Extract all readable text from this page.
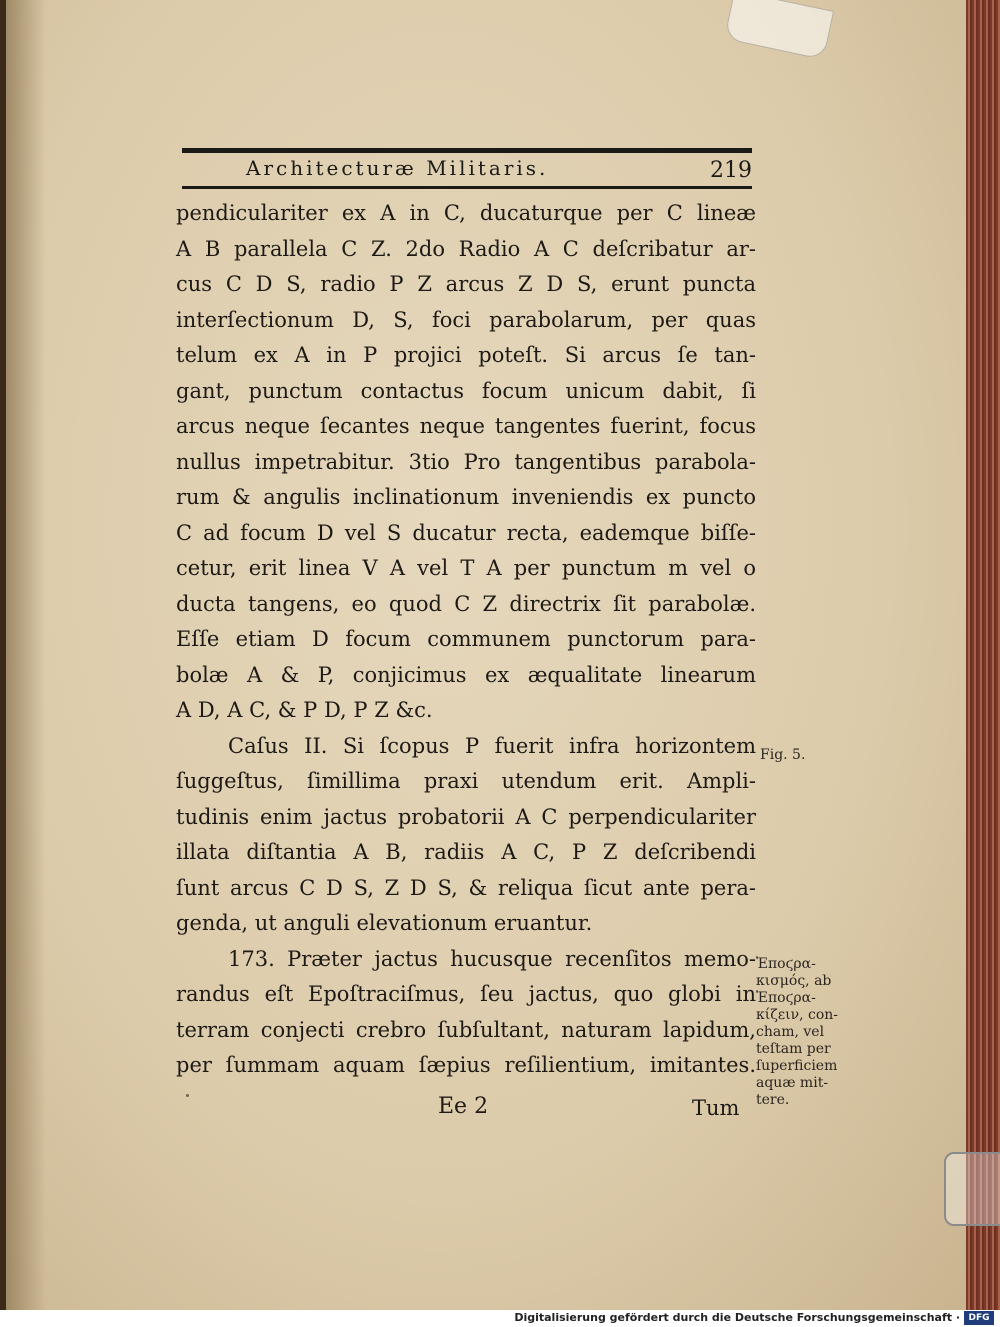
Architecturæ Militaris.	219
pendiculariter ex A in C, ducaturque per C lineæ
A B parallela C Z. 2do Radio A C deſcribatur ar-
cus C D S, radio P Z arcus Z D S, erunt puncta
interſectionum D, S, foci parabolarum, per quas
telum ex A in P projici poteſt. Si arcus ſe tan-
gant, punctum contactus focum unicum dabit, ſi
arcus neque ſecantes neque tangentes fuerint, focus
nullus impetrabitur. 3tio Pro tangentibus parabola-
rum & angulis inclinationum inveniendis ex puncto
C ad focum D vel S ducatur recta, eademque biſſe-
cetur, erit linea V A vel T A per punctum m vel o
ducta tangens, eo quod C Z directrix ſit parabolæ.
Eſſe etiam D focum communem punctorum para-
bolæ A & P, conjicimus ex æqualitate linearum
A D, A C, & P D, P Z &c.
Caſus II. Si ſcopus P fuerit infra horizontem
ſuggeſtus, ſimillima praxi utendum erit. Ampli-
tudinis enim jactus probatorii A C perpendiculariter
illata diſtantia A B, radiis A C, P Z deſcribendi
ſunt arcus C D S, Z D S, & reliqua ſicut ante pera-
genda, ut anguli elevationum eruantur.
173. Præter jactus hucusque recenſitos memo-
randus eſt Epoſtraciſmus, ſeu jactus, quo globi in
terram conjecti crebro ſubſultant, naturam lapidum,
per ſummam aquam ſæpius reſilientium, imitantes.
Fig. 5.
Ἐποϛρα-
κισμός, ab
Ἐποϛρα-
κίζειν, con-
cham, vel
teſtam per
ſuperficiem
aquæ mit-
tere.
Ee 2	Tum
Digitalisierung gefördert durch die Deutsche Forschungsgemeinschaft · DFG
